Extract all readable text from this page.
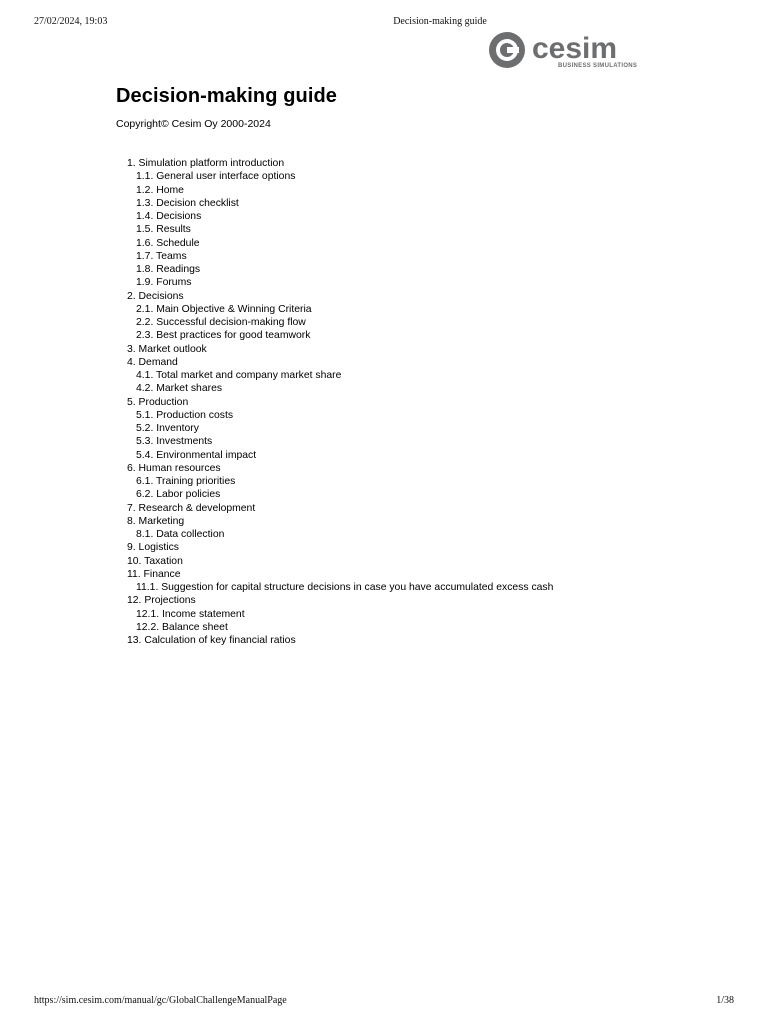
27/02/2024, 19:03	Decision-making guide
cesim
BUSINESS SIMULATIONS
Decision-making guide
Copyright© Cesim Oy 2000-2024
1. Simulation platform introduction
1.1. General user interface options
1.2. Home
1.3. Decision checklist
1.4. Decisions
1.5. Results
1.6. Schedule
1.7. Teams
1.8. Readings
1.9. Forums
2. Decisions
2.1. Main Objective & Winning Criteria
2.2. Successful decision-making flow
2.3. Best practices for good teamwork
3. Market outlook
4. Demand
4.1. Total market and company market share
4.2. Market shares
5. Production
5.1. Production costs
5.2. Inventory
5.3. Investments
5.4. Environmental impact
6. Human resources
6.1. Training priorities
6.2. Labor policies
7. Research & development
8. Marketing
8.1. Data collection
9. Logistics
10. Taxation
11. Finance
11.1. Suggestion for capital structure decisions in case you have accumulated excess cash
12. Projections
12.1. Income statement
12.2. Balance sheet
13. Calculation of key financial ratios
https://sim.cesim.com/manual/gc/GlobalChallengeManualPage	1/38
